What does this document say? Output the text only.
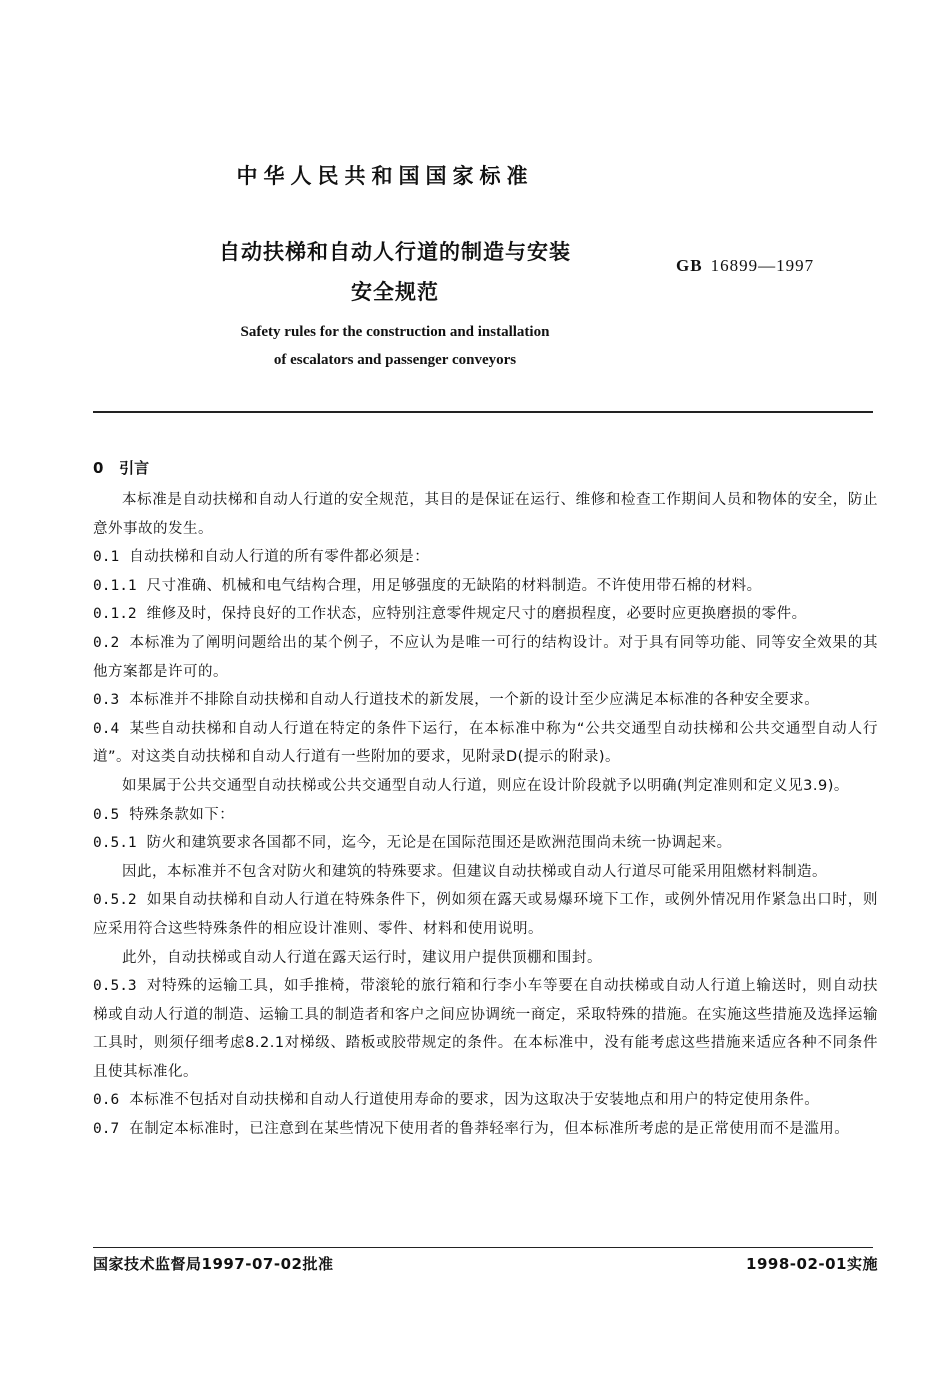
中华人民共和国国家标准
自动扶梯和自动人行道的制造与安装
安全规范
GB 16899—1997
Safety rules for the construction and installation
of escalators and passenger conveyors
0 引言

本标准是自动扶梯和自动人行道的安全规范，其目的是保证在运行、维修和检查工作期间人员和物体的安全，防止意外事故的发生。

0.1 自动扶梯和自动人行道的所有零件都必须是：

0.1.1 尺寸准确、机械和电气结构合理，用足够强度的无缺陷的材料制造。不许使用带石棉的材料。

0.1.2 维修及时，保持良好的工作状态，应特别注意零件规定尺寸的磨损程度，必要时应更换磨损的零件。

0.2 本标准为了阐明问题给出的某个例子，不应认为是唯一可行的结构设计。对于具有同等功能、同等安全效果的其他方案都是许可的。

0.3 本标准并不排除自动扶梯和自动人行道技术的新发展，一个新的设计至少应满足本标准的各种安全要求。

0.4 某些自动扶梯和自动人行道在特定的条件下运行，在本标准中称为“公共交通型自动扶梯和公共交通型自动人行道”。对这类自动扶梯和自动人行道有一些附加的要求，见附录D(提示的附录)。

如果属于公共交通型自动扶梯或公共交通型自动人行道，则应在设计阶段就予以明确(判定准则和定义见3.9)。

0.5 特殊条款如下：

0.5.1 防火和建筑要求各国都不同，迄今，无论是在国际范围还是欧洲范围尚未统一协调起来。

因此，本标准并不包含对防火和建筑的特殊要求。但建议自动扶梯或自动人行道尽可能采用阻燃材料制造。

0.5.2 如果自动扶梯和自动人行道在特殊条件下，例如须在露天或易爆环境下工作，或例外情况用作紧急出口时，则应采用符合这些特殊条件的相应设计准则、零件、材料和使用说明。

此外，自动扶梯或自动人行道在露天运行时，建议用户提供顶棚和围封。

0.5.3 对特殊的运输工具，如手推椅，带滚轮的旅行箱和行李小车等要在自动扶梯或自动人行道上输送时，则自动扶梯或自动人行道的制造、运输工具的制造者和客户之间应协调统一商定，采取特殊的措施。在实施这些措施及选择运输工具时，则须仔细考虑8.2.1对梯级、踏板或胶带规定的条件。在本标准中，没有能考虑这些措施来适应各种不同条件且使其标准化。

0.6 本标准不包括对自动扶梯和自动人行道使用寿命的要求，因为这取决于安装地点和用户的特定使用条件。

0.7 在制定本标准时，已注意到在某些情况下使用者的鲁莽轻率行为，但本标准所考虑的是正常使用而不是滥用。

国家技术监督局1997-07-02批准	1998-02-01实施
